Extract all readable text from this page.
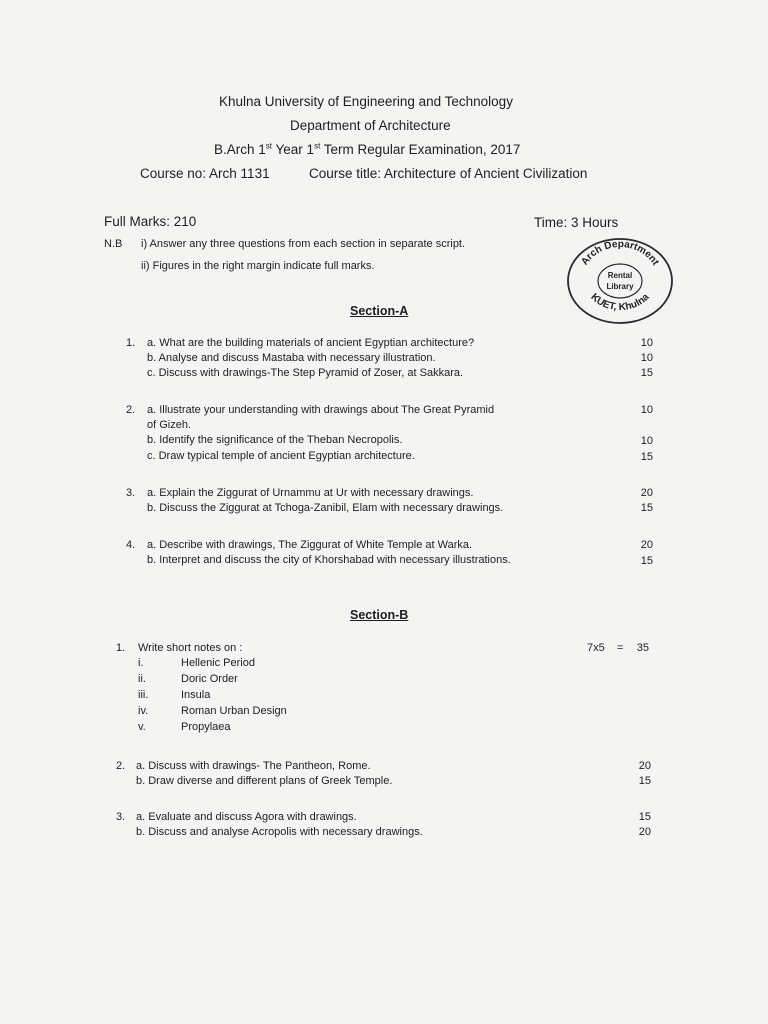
Khulna University of Engineering and Technology
Department of Architecture
B.Arch 1st Year 1st Term Regular Examination, 2017
Course no: Arch 1131	Course title: Architecture of Ancient Civilization
Full Marks: 210	Time: 3 Hours
N.B i) Answer any three questions from each section in separate script.
ii) Figures in the right margin indicate full marks.	Arch Department
KUET, Khulna
Rental
Library
Section-A
1. a. What are the building materials of ancient Egyptian architecture?	10
b. Analyse and discuss Mastaba with necessary illustration.	10
c. Discuss with drawings-The Step Pyramid of Zoser, at Sakkara.	15
2. a. Illustrate your understanding with drawings about The Great Pyramid	10
of Gizeh.
b. Identify the significance of the Theban Necropolis.	10
c. Draw typical temple of ancient Egyptian architecture.	15
3. a. Explain the Ziggurat of Urnammu at Ur with necessary drawings.	20
b. Discuss the Ziggurat at Tchoga-Zanibil, Elam with necessary drawings.	15
4. a. Describe with drawings, The Ziggurat of White Temple at Warka.	20
b. Interpret and discuss the city of Khorshabad with necessary illustrations.	15
Section-B
1. Write short notes on :	7x5 =	35
i.	Hellenic Period
ii.	Doric Order
iii.	Insula
iv.	Roman Urban Design
v.	Propylaea
2. a. Discuss with drawings- The Pantheon, Rome.	20
b. Draw diverse and different plans of Greek Temple.	15
3. a. Evaluate and discuss Agora with drawings.	15
b. Discuss and analyse Acropolis with necessary drawings.	20
